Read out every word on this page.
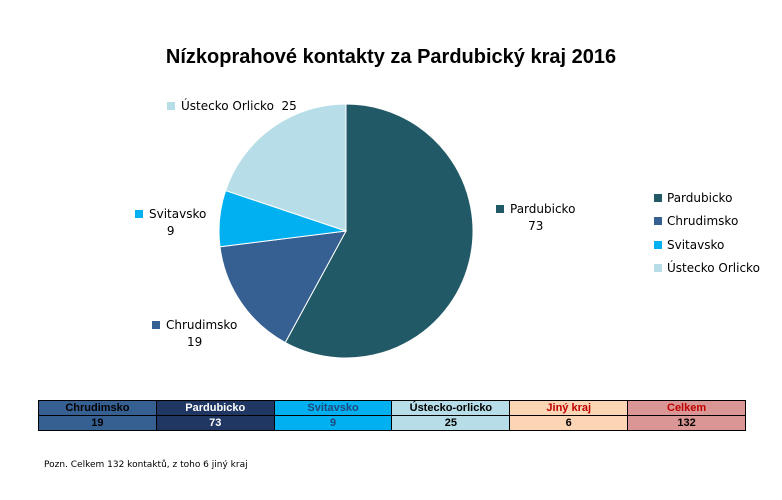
Nízkoprahové kontakty za Pardubický kraj 2016
Pardubicko
73
Chrudimsko
19
Svitavsko
9
Ústecko Orlicko 25
Pardubicko
Chrudimsko
Svitavsko
Ústecko Orlicko
Chrudimsko	Pardubicko	Svitavsko	Ústecko-orlicko	Jiný kraj	Celkem
19	73	9	25	6	132
Pozn. Celkem 132 kontaktů, z toho 6 jiný kraj
